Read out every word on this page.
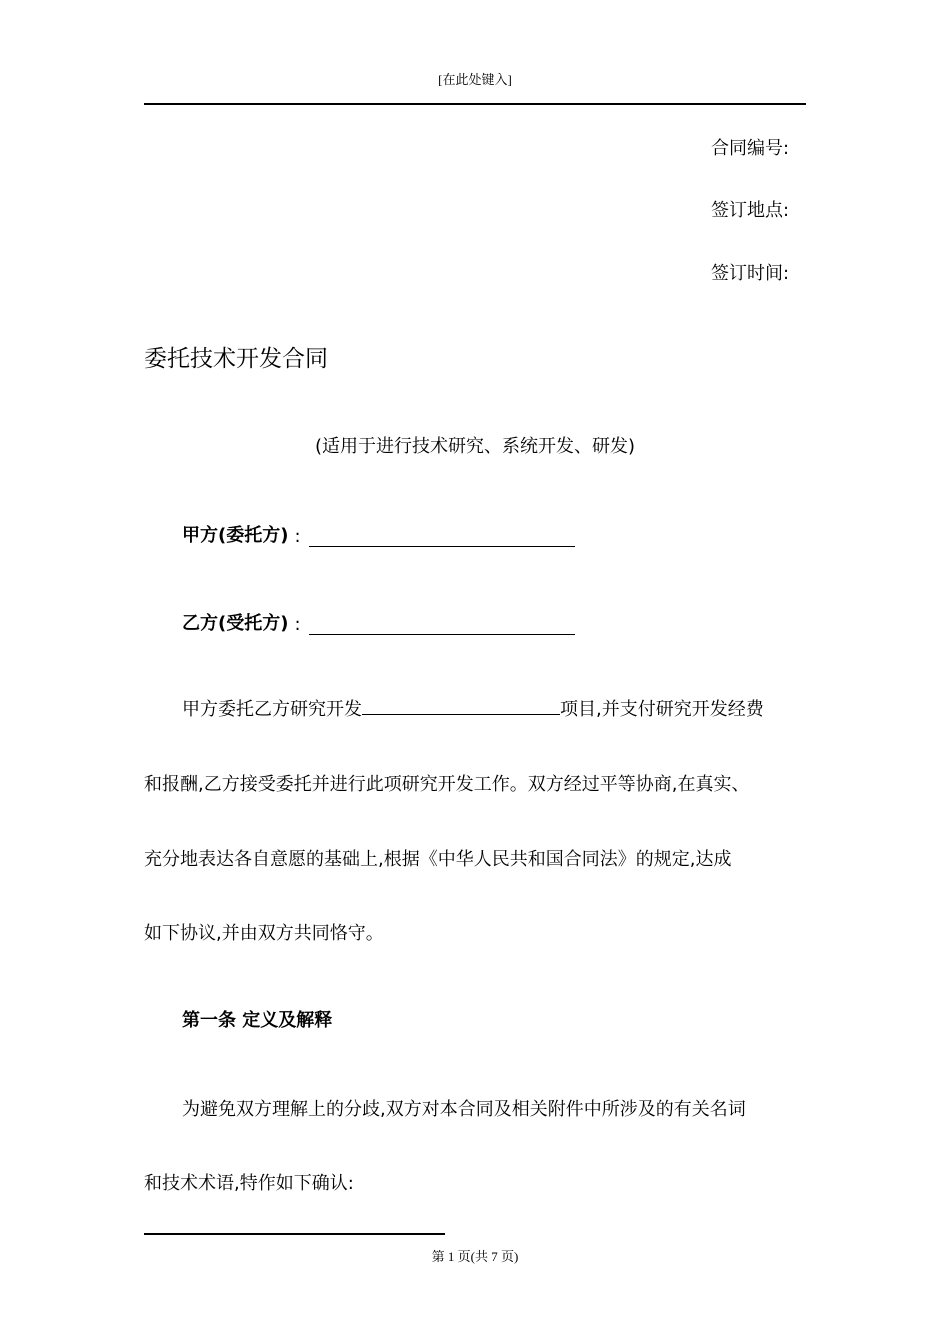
[在此处键入]
合同编号:
签订地点:
签订时间:
委托技术开发合同
(适用于进行技术研究、系统开发、研发)
甲方(委托方) :
乙方(受托方) :
甲方委托乙方研究开发	项目,并支付研究开发经费
和报酬,乙方接受委托并进行此项研究开发工作。双方经过平等协商,在真实、
充分地表达各自意愿的基础上,根据《中华人民共和国合同法》的规定,达成
如下协议,并由双方共同恪守。
第一条 定义及解释
为避免双方理解上的分歧,双方对本合同及相关附件中所涉及的有关名词
和技术术语,特作如下确认:
第 1 页(共 7 页)
